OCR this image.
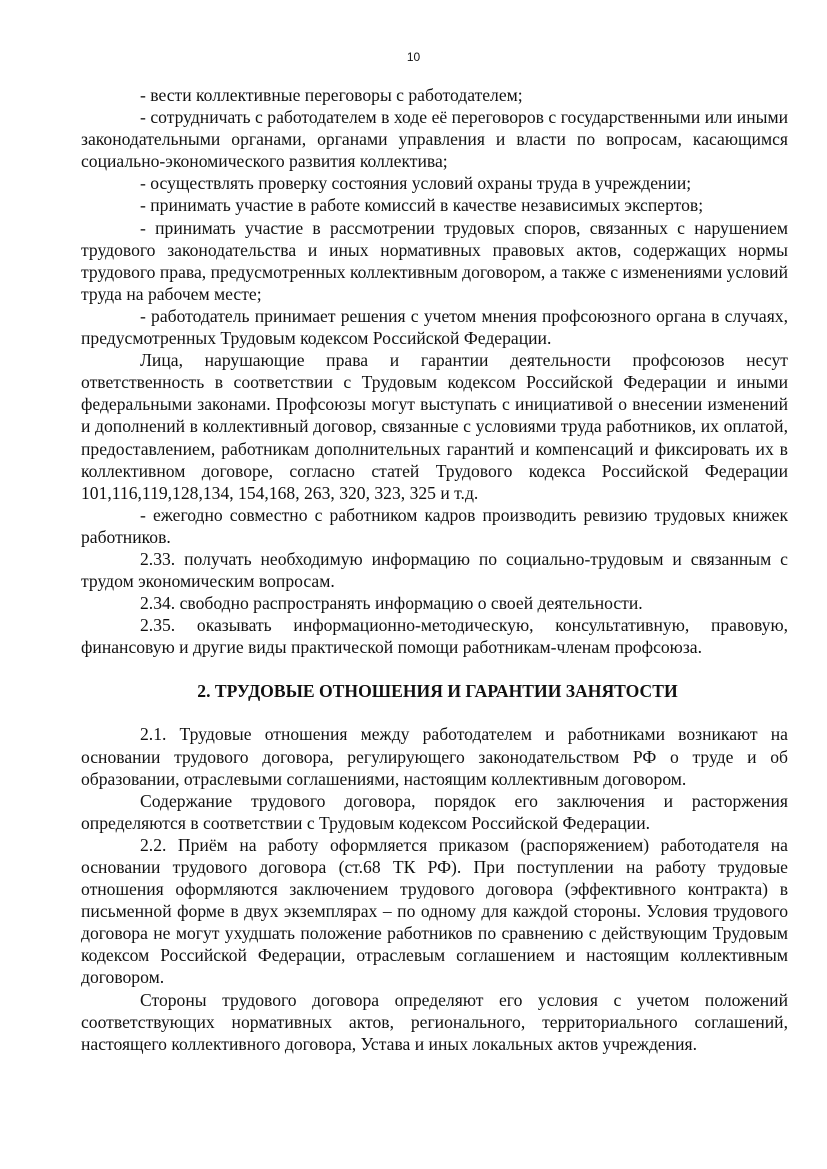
10

- вести коллективные переговоры с работодателем;

- сотрудничать с работодателем в ходе её переговоров с государственными или иными законодательными органами, органами управления и власти по вопросам, касающимся социально-экономического развития коллектива;

- осуществлять проверку состояния условий охраны труда в учреждении;

- принимать участие в работе комиссий в качестве независимых экспертов;

- принимать участие в рассмотрении трудовых споров, связанных с нарушением трудового законодательства и иных нормативных правовых актов, содержащих нормы трудового права, предусмотренных коллективным договором, а также с изменениями условий труда на рабочем месте;

- работодатель принимает решения с учетом мнения профсоюзного органа в случаях, предусмотренных Трудовым кодексом Российской Федерации.

Лица, нарушающие права и гарантии деятельности профсоюзов несут ответственность в соответствии с Трудовым кодексом Российской Федерации и иными федеральными законами. Профсоюзы могут выступать с инициативой о внесении изменений и дополнений в коллективный договор, связанные с условиями труда работников, их оплатой, предоставлением, работникам дополнительных гарантий и компенсаций и фиксировать их в коллективном договоре, согласно статей Трудового кодекса Российской Федерации 101,116,119,128,134, 154,168, 263, 320, 323, 325 и т.д.

- ежегодно совместно с работником кадров производить ревизию трудовых книжек работников.

2.33. получать необходимую информацию по социально-трудовым и связанным с трудом экономическим вопросам.

2.34. свободно распространять информацию о своей деятельности.

2.35. оказывать информационно-методическую, консультативную, правовую, финансовую и другие виды практической помощи работникам-членам профсоюза.

2. ТРУДОВЫЕ ОТНОШЕНИЯ И ГАРАНТИИ ЗАНЯТОСТИ

2.1. Трудовые отношения между работодателем и работниками возникают на основании трудового договора, регулирующего законодательством РФ о труде и об образовании, отраслевыми соглашениями, настоящим коллективным договором.

Содержание трудового договора, порядок его заключения и расторжения определяются в соответствии с Трудовым кодексом Российской Федерации.

2.2. Приём на работу оформляется приказом (распоряжением) работодателя на основании трудового договора (ст.68 ТК РФ). При поступлении на работу трудовые отношения оформляются заключением трудового договора (эффективного контракта) в письменной форме в двух экземплярах – по одному для каждой стороны. Условия трудового договора не могут ухудшать положение работников по сравнению с действующим Трудовым кодексом Российской Федерации, отраслевым соглашением и настоящим коллективным договором.

Стороны трудового договора определяют его условия с учетом положений соответствующих нормативных актов, регионального, территориального соглашений, настоящего коллективного договора, Устава и иных локальных актов учреждения.
